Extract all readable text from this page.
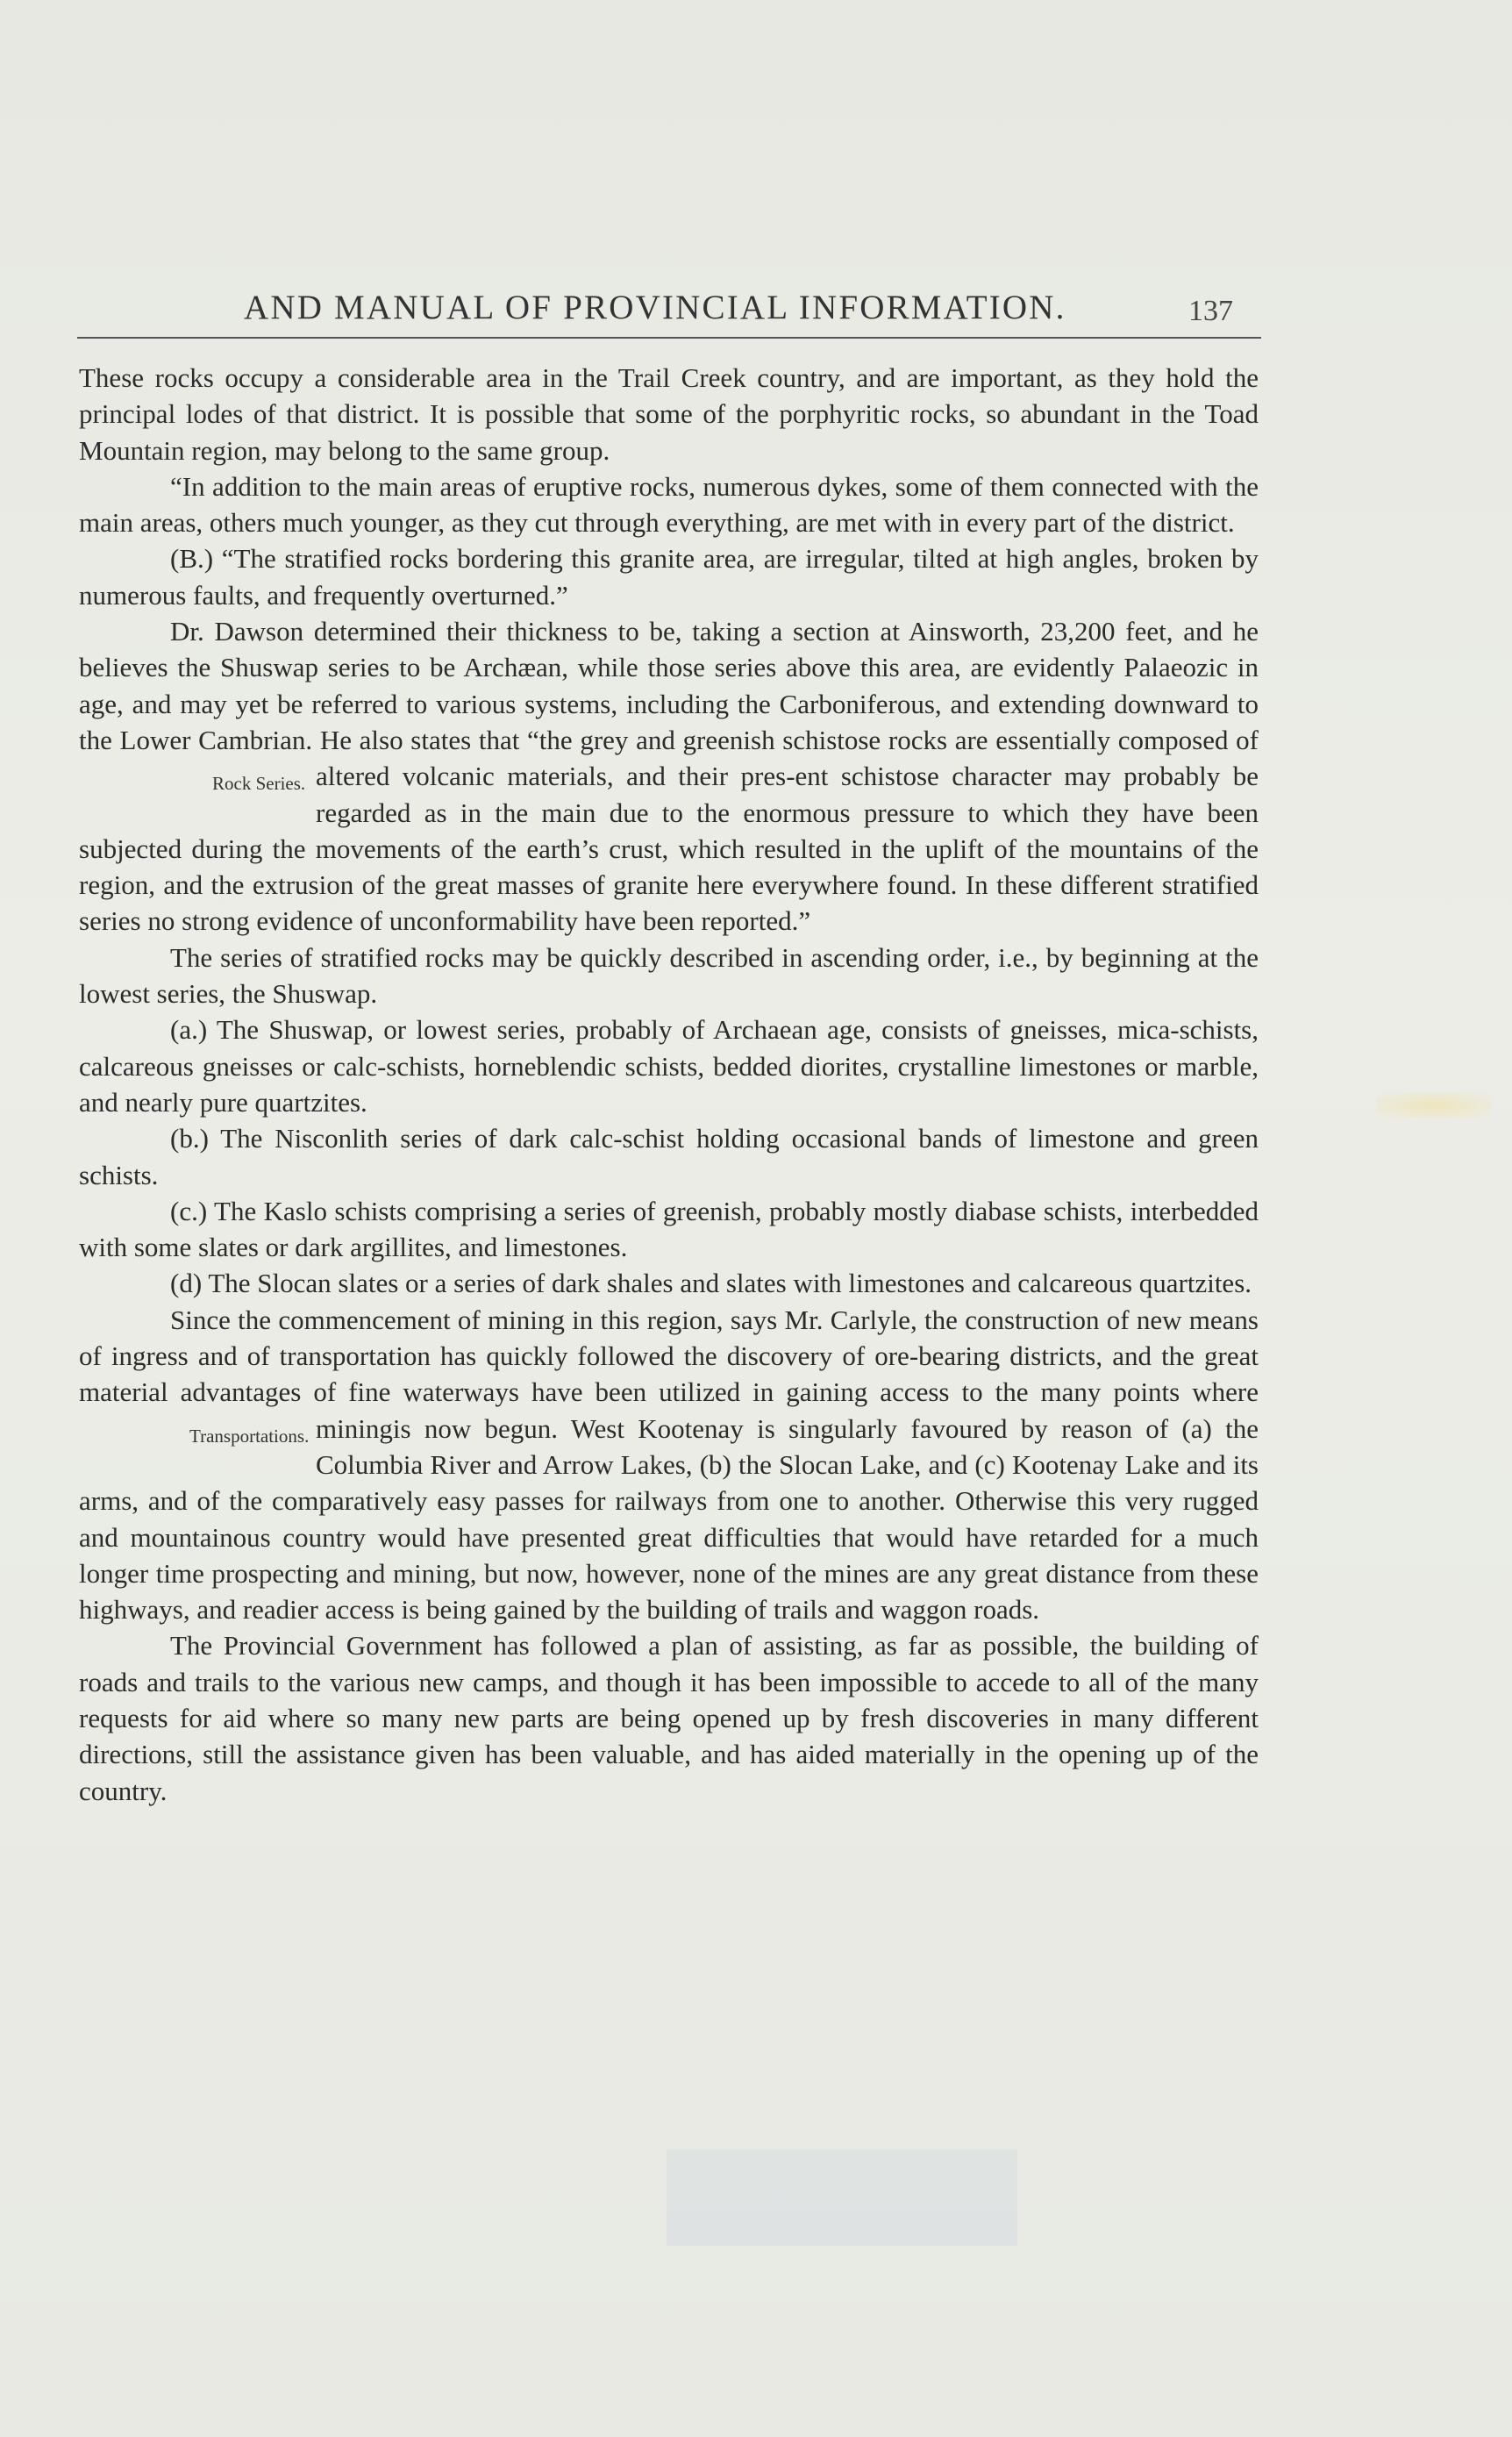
AND MANUAL OF PROVINCIAL INFORMATION.	137

These rocks occupy a considerable area in the Trail Creek country, and are important, as they hold the principal lodes of that district. It is possible that some of the porphyritic rocks, so abundant in the Toad Mountain region, may belong to the same group.

“In addition to the main areas of eruptive rocks, numerous dykes, some of them connected with the main areas, others much younger, as they cut through everything, are met with in every part of the district.

(B.) “The stratified rocks bordering this granite area, are irregular, tilted at high angles, broken by numerous faults, and frequently overturned.”

Dr. Dawson determined their thickness to be, taking a section at Ainsworth, 23,200 feet, and he believes the Shuswap series to be Archæan, while those series above this area, are evidently Palaeozic in age, and may yet be referred to various systems, including the Carboniferous, and extending downward to the Lower Cambrian. He also states that “the grey and greenish schistose rocks are essentially composed of altered volcanic materials, and their pres-
Rock Series.	ent schistose character may probably be regarded as in the main due to the enormous pressure to which they have been subjected during the movements of the earth’s crust, which resulted in the uplift of the mountains of the region, and the extrusion of the great masses of granite here everywhere found. In these different stratified series no strong evidence of unconformability have been reported.”

The series of stratified rocks may be quickly described in ascending order, i.e., by beginning at the lowest series, the Shuswap.

(a.) The Shuswap, or lowest series, probably of Archaean age, consists of gneisses, mica-schists, calcareous gneisses or calc-schists, horneblendic schists, bedded diorites, crystalline limestones or marble, and nearly pure quartzites.

(b.) The Nisconlith series of dark calc-schist holding occasional bands of limestone and green schists.

(c.) The Kaslo schists comprising a series of greenish, probably mostly diabase schists, interbedded with some slates or dark argillites, and limestones.

(d) The Slocan slates or a series of dark shales and slates with limestones and calcareous quartzites.

Since the commencement of mining in this region, says Mr. Carlyle, the construction of new means of ingress and of transportation has quickly followed the discovery of ore-bearing districts, and the great material advantages of fine waterways have been utilized in gaining access to the many points where mining
Transportations.	is now begun. West Kootenay is singularly favoured by reason of (a) the Columbia River and Arrow Lakes, (b) the Slocan Lake, and (c) Kootenay Lake and its arms, and of the comparatively easy passes for railways from one to another. Otherwise this very rugged and mountainous country would have presented great difficulties that would have retarded for a much longer time prospecting and mining, but now, however, none of the mines are any great distance from these highways, and readier access is being gained by the building of trails and waggon roads.

The Provincial Government has followed a plan of assisting, as far as possible, the building of roads and trails to the various new camps, and though it has been impossible to accede to all of the many requests for aid where so many new parts are being opened up by fresh discoveries in many different directions, still the assistance given has been valuable, and has aided materially in the opening up of the country.
